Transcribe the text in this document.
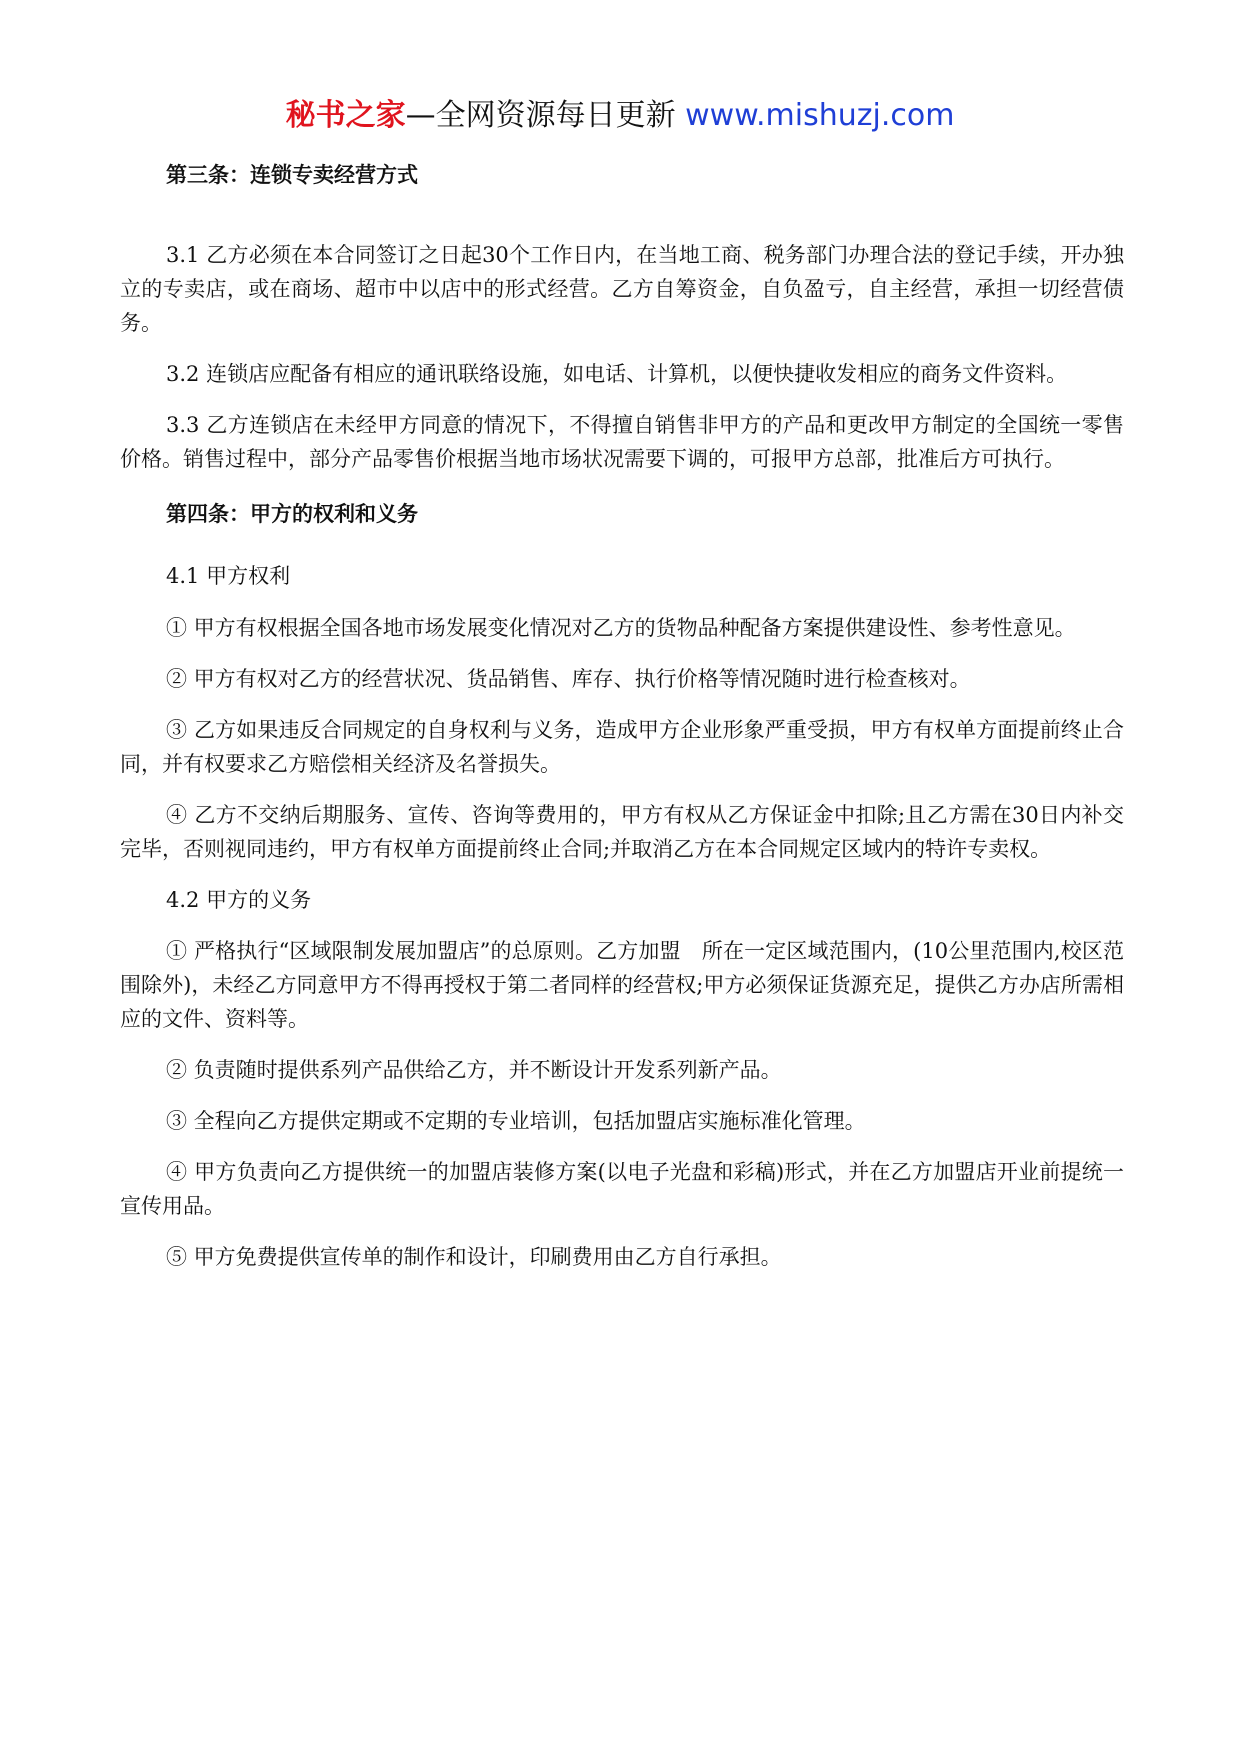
秘书之家—全网资源每日更新 www.mishuzj.com
第三条：连锁专卖经营方式

3.1 乙方必须在本合同签订之日起30个工作日内，在当地工商、税务部门办理合法的登记手续，开办独立的专卖店，或在商场、超市中以店中的形式经营。乙方自筹资金，自负盈亏，自主经营，承担一切经营债务。

3.2 连锁店应配备有相应的通讯联络设施，如电话、计算机，以便快捷收发相应的商务文件资料。

3.3 乙方连锁店在未经甲方同意的情况下，不得擅自销售非甲方的产品和更改甲方制定的全国统一零售价格。销售过程中，部分产品零售价根据当地市场状况需要下调的，可报甲方总部，批准后方可执行。

第四条：甲方的权利和义务

4.1 甲方权利

① 甲方有权根据全国各地市场发展变化情况对乙方的货物品种配备方案提供建设性、参考性意见。

② 甲方有权对乙方的经营状况、货品销售、库存、执行价格等情况随时进行检查核对。

③ 乙方如果违反合同规定的自身权利与义务，造成甲方企业形象严重受损，甲方有权单方面提前终止合同，并有权要求乙方赔偿相关经济及名誉损失。

④ 乙方不交纳后期服务、宣传、咨询等费用的，甲方有权从乙方保证金中扣除;且乙方需在30日内补交完毕，否则视同违约，甲方有权单方面提前终止合同;并取消乙方在本合同规定区域内的特许专卖权。

4.2 甲方的义务

① 严格执行“区域限制发展加盟店”的总原则。乙方加盟　所在一定区域范围内，(10公里范围内,校区范围除外)，未经乙方同意甲方不得再授权于第二者同样的经营权;甲方必须保证货源充足，提供乙方办店所需相应的文件、资料等。

② 负责随时提供系列产品供给乙方，并不断设计开发系列新产品。

③ 全程向乙方提供定期或不定期的专业培训，包括加盟店实施标准化管理。

④ 甲方负责向乙方提供统一的加盟店装修方案(以电子光盘和彩稿)形式，并在乙方加盟店开业前提统一宣传用品。

⑤ 甲方免费提供宣传单的制作和设计，印刷费用由乙方自行承担。
